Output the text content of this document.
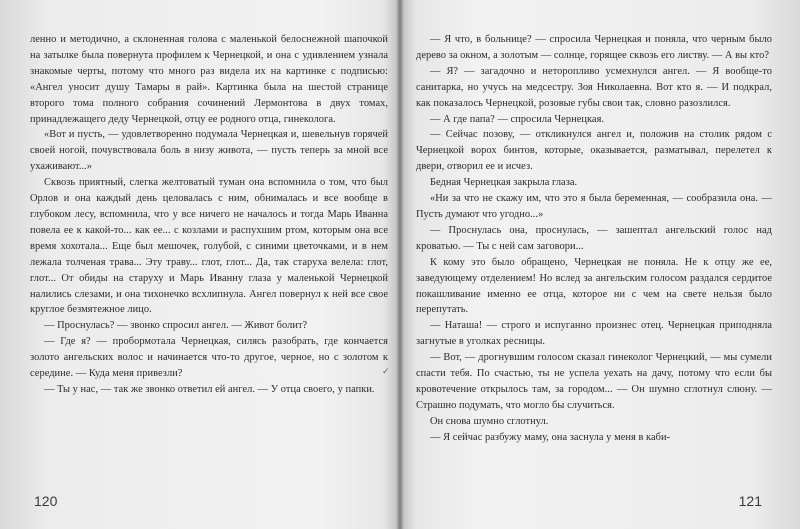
ленно и методично, а склоненная голова с маленькой белоснежной шапочкой на затылке была повернута профилем к Чернецкой, и она с удивлением узнала знакомые черты, потому что много раз видела их на картинке с подписью: «Ангел уносит душу Тамары в рай». Картинка была на шестой странице второго тома полного собрания сочинений Лермонтова в двух томах, принадлежащего деду Чернецкой, отцу ее родного отца, гинеколога.

«Вот и пусть, — удовлетворенно подумала Чернецкая и, шевельнув горячей своей ногой, почувствовала боль в низу живота, — пусть теперь за мной все ухаживают...»

Сквозь приятный, слегка желтоватый туман она вспомнила о том, что был Орлов и она каждый день целовалась с ним, обнималась и все вообще в глубоком лесу, вспомнила, что у все ничего не началось и тогда Марь Иванна повела ее к какой-то... как ее... с козлами и распухшим ртом, которым она все время хохотала... Еще был мешочек, голубой, с синими цветочками, и в нем лежала толченая трава... Эту траву... глот, глот... Да, так старуха велела: глот, глот... От обиды на старуху и Марь Иванну глаза у маленькой Чернецкой налились слезами, и она тихонечко всхлипнула. Ангел повернул к ней все свое круглое безмятежное лицо.

— Проснулась? — звонко спросил ангел. — Живот болит?

— Где я? — пробормотала Чернецкая, силясь разобрать, где кончается золото ангельских волос и начинается что-то другое, черное, но с золотом к середине. — Куда меня привезли?

— Ты у нас, — так же звонко ответил ей ангел. — У отца своего, у папки.

120
✓

— Я что, в больнице? — спросила Чернецкая и поняла, что черным было дерево за окном, а золотым — солнце, горящее сквозь его листву. — А вы кто?

— Я? — загадочно и неторопливо усмехнулся ангел. — Я вообще-то санитарка, но учусь на медсестру. Зоя Николаевна. Вот кто я. — И подкрал, как показалось Чернецкой, розовые губы свои так, словно разозлился.

— А где папа? — спросила Чернецкая.

— Сейчас позову, — откликнулся ангел и, положив на столик рядом с Чернецкой ворох бинтов, которые, оказывается, разматывал, перелетел к двери, отворил ее и исчез.

Бедная Чернецкая закрыла глаза.

«Ни за что не скажу им, что это я была беременная, — сообразила она. — Пусть думают что угодно...»

— Проснулась она, проснулась, — зашептал ангельский голос над кроватью. — Ты с ней сам заговори...

К кому это было обращено, Чернецкая не поняла. Не к отцу же ее, заведующему отделением! Но вслед за ангельским голосом раздался сердитое покашливание именно ее отца, которое ни с чем на свете нельзя было перепутать.

— Наташа! — строго и испуганно произнес отец. Чернецкая приподняла загнутые в уголках ресницы.

— Вот, — дрогнувшим голосом сказал гинеколог Чернецкий, — мы сумели спасти тебя. По счастью, ты не успела уехать на дачу, потому что если бы кровотечение открылось там, за городом... — Он шумно сглотнул слюну. — Страшно подумать, что могло бы случиться.

Он снова шумно сглотнул.

— Я сейчас разбужу маму, она заснула у меня в каби-

121
